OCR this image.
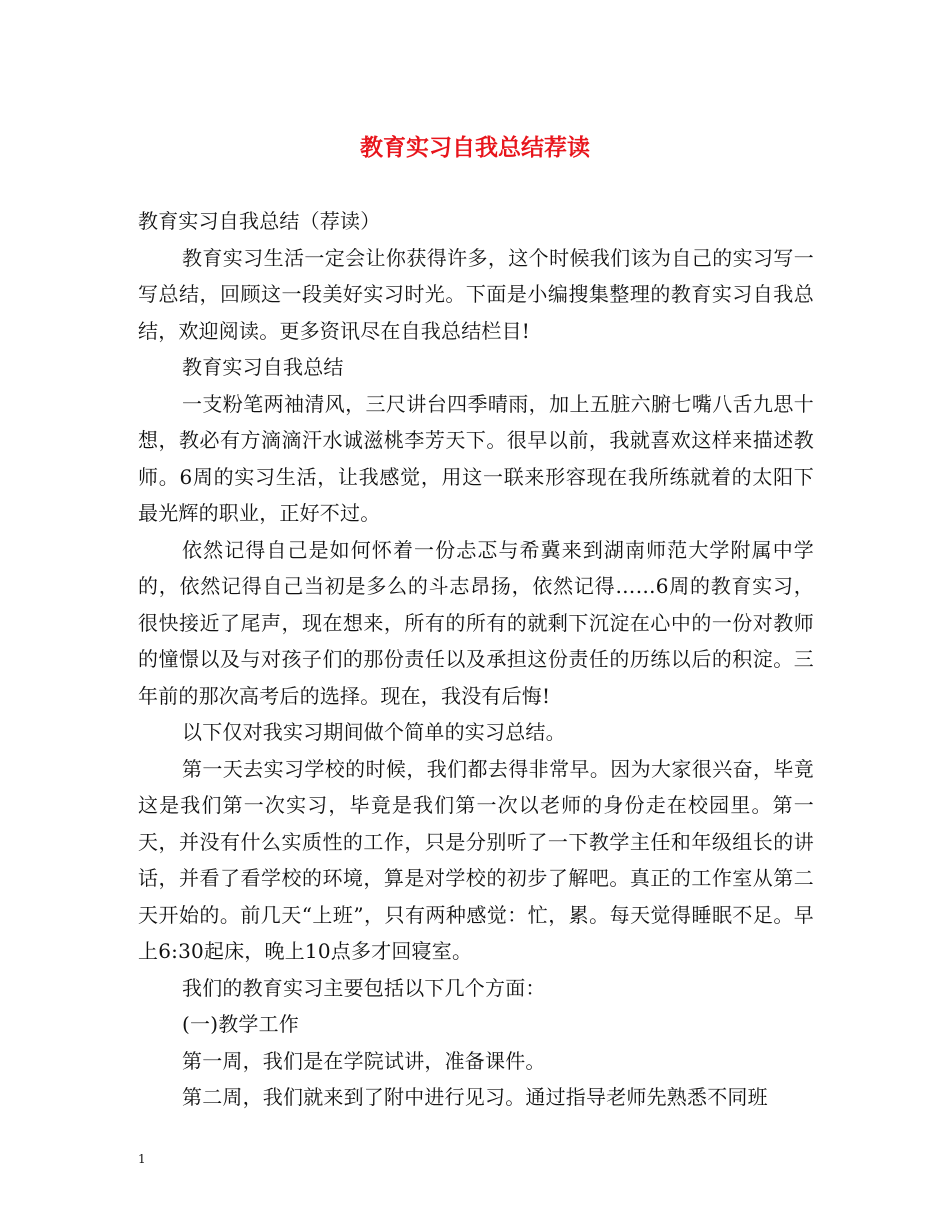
教育实习自我总结荐读

教育实习自我总结（荐读）

教育实习生活一定会让你获得许多，这个时候我们该为自己的实习写一写总结，回顾这一段美好实习时光。下面是小编搜集整理的教育实习自我总结，欢迎阅读。更多资讯尽在自我总结栏目!

教育实习自我总结

一支粉笔两袖清风，三尺讲台四季晴雨，加上五脏六腑七嘴八舌九思十想，教必有方滴滴汗水诚滋桃李芳天下。很早以前，我就喜欢这样来描述教师。6周的实习生活，让我感觉，用这一联来形容现在我所练就着的太阳下最光辉的职业，正好不过。

依然记得自己是如何怀着一份忐忑与希冀来到湖南师范大学附属中学的，依然记得自己当初是多么的斗志昂扬，依然记得……6周的教育实习，很快接近了尾声，现在想来，所有的所有的就剩下沉淀在心中的一份对教师的憧憬以及与对孩子们的那份责任以及承担这份责任的历练以后的积淀。三年前的那次高考后的选择。现在，我没有后悔!

以下仅对我实习期间做个简单的实习总结。

第一天去实习学校的时候，我们都去得非常早。因为大家很兴奋，毕竟这是我们第一次实习，毕竟是我们第一次以老师的身份走在校园里。第一天，并没有什么实质性的工作，只是分别听了一下教学主任和年级组长的讲话，并看了看学校的环境，算是对学校的初步了解吧。真正的工作室从第二天开始的。前几天“上班”，只有两种感觉：忙，累。每天觉得睡眠不足。早上6:30起床，晚上10点多才回寝室。

我们的教育实习主要包括以下几个方面：

(一)教学工作

第一周，我们是在学院试讲，准备课件。

第二周，我们就来到了附中进行见习。通过指导老师先熟悉不同班

1
